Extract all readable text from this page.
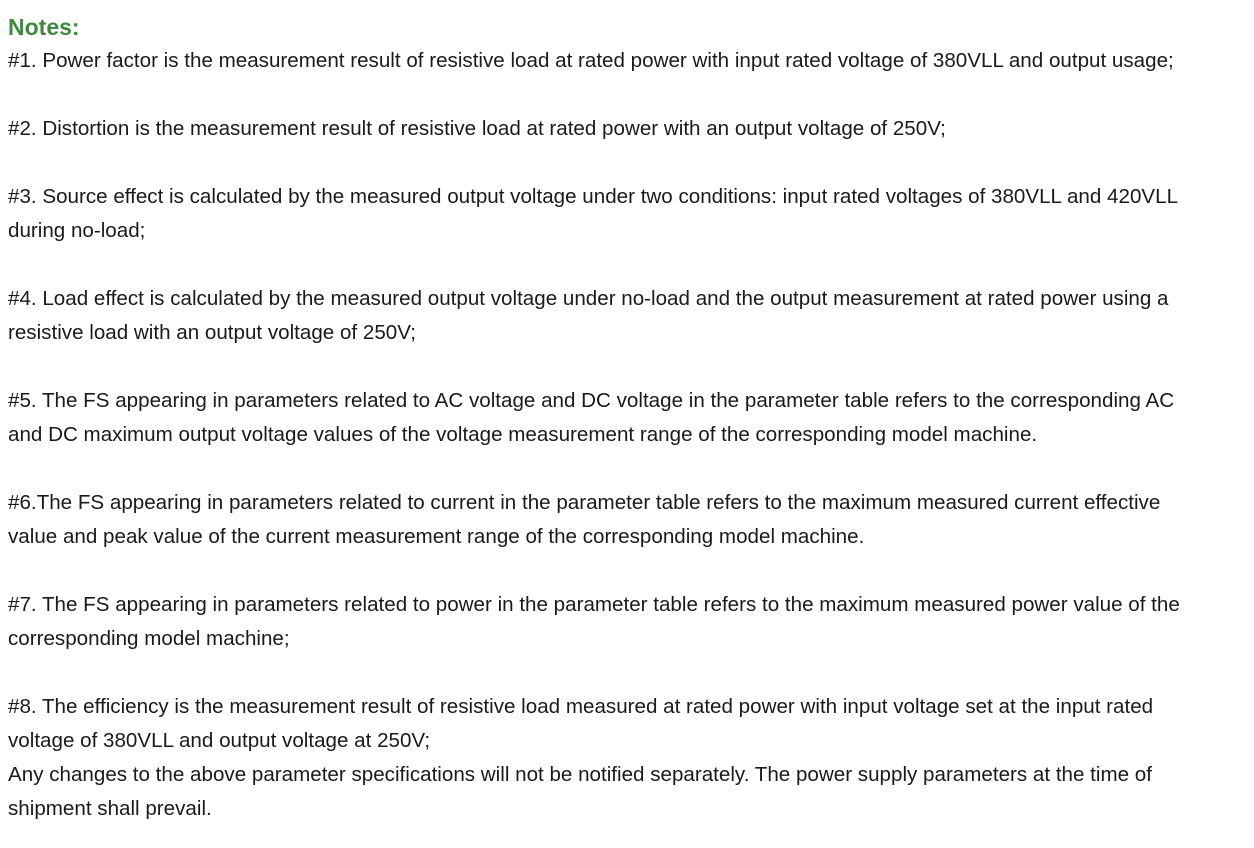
Notes:

#1. Power factor is the measurement result of resistive load at rated power with input rated voltage of 380VLL and output usage;

#2. Distortion is the measurement result of resistive load at rated power with an output voltage of 250V;

#3. Source effect is calculated by the measured output voltage under two conditions: input rated voltages of 380VLL and 420VLL
during no-load;

#4. Load effect is calculated by the measured output voltage under no-load and the output measurement at rated power using a
resistive load with an output voltage of 250V;

#5. The FS appearing in parameters related to AC voltage and DC voltage in the parameter table refers to the corresponding AC
and DC maximum output voltage values of the voltage measurement range of the corresponding model machine.

#6.The FS appearing in parameters related to current in the parameter table refers to the maximum measured current effective
value and peak value of the current measurement range of the corresponding model machine.

#7. The FS appearing in parameters related to power in the parameter table refers to the maximum measured power value of the
corresponding model machine;

#8. The efficiency is the measurement result of resistive load measured at rated power with input voltage set at the input rated
voltage of 380VLL and output voltage at 250V;
Any changes to the above parameter specifications will not be notified separately. The power supply parameters at the time of
shipment shall prevail.
